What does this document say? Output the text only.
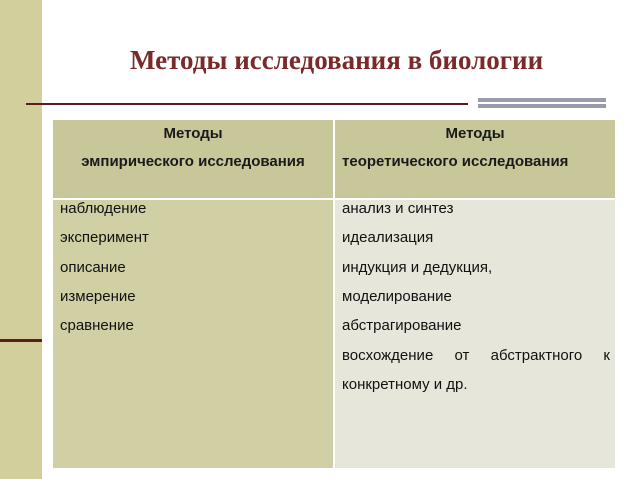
Методы исследования в биологии
Методы
эмпирического исследования
Методы
теоретического исследования
наблюдение
эксперимент
описание
измерение
сравнение
анализ и синтез
идеализация
индукция и дедукция,
моделирование
абстрагирование
восхождение от абстрактного к
конкретному и др.
